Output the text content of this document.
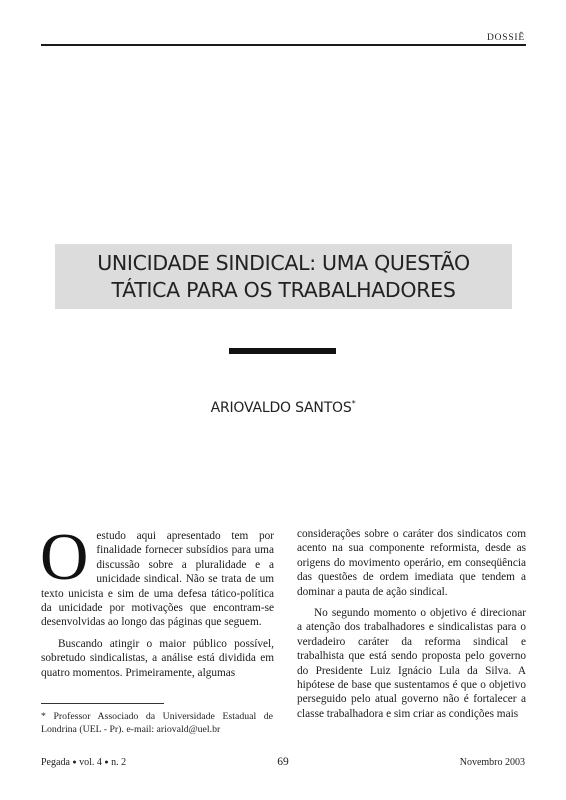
DOSSIÊ
UNICIDADE SINDICAL: UMA QUESTÃO
TÁTICA PARA OS TRABALHADORES
ARIOVALDO SANTOS*

Oestudo aqui apresentado tem por finalidade fornecer subsídios para uma discussão sobre a pluralidade e a unicidade sindical. Não se trata de um texto unicista e sim de uma defesa tático-política da unicidade por motivações que encontram-se desenvolvidas ao longo das páginas que seguem.

Buscando atingir o maior público possível, sobretudo sindicalistas, a análise está dividida em quatro momentos. Primeiramente, algumas

considerações sobre o caráter dos sindicatos com acento na sua componente reformista, desde as origens do movimento operário, em conseqüência das questões de ordem imediata que tendem a dominar a pauta de ação sindical.

No segundo momento o objetivo é direcionar a atenção dos trabalhadores e sindicalistas para o verdadeiro caráter da reforma sindical e trabalhista que está sendo proposta pelo governo do Presidente Luiz Ignácio Lula da Silva. A hipótese de base que sustentamos é que o objetivo perseguido pelo atual governo não é fortalecer a classe trabalhadora e sim criar as condições mais

* Professor Associado da Universidade Estadual de Londrina (UEL - Pr). e-mail: ariovald@uel.br
Pegada ● vol. 4 ● n. 2	69	Novembro 2003
